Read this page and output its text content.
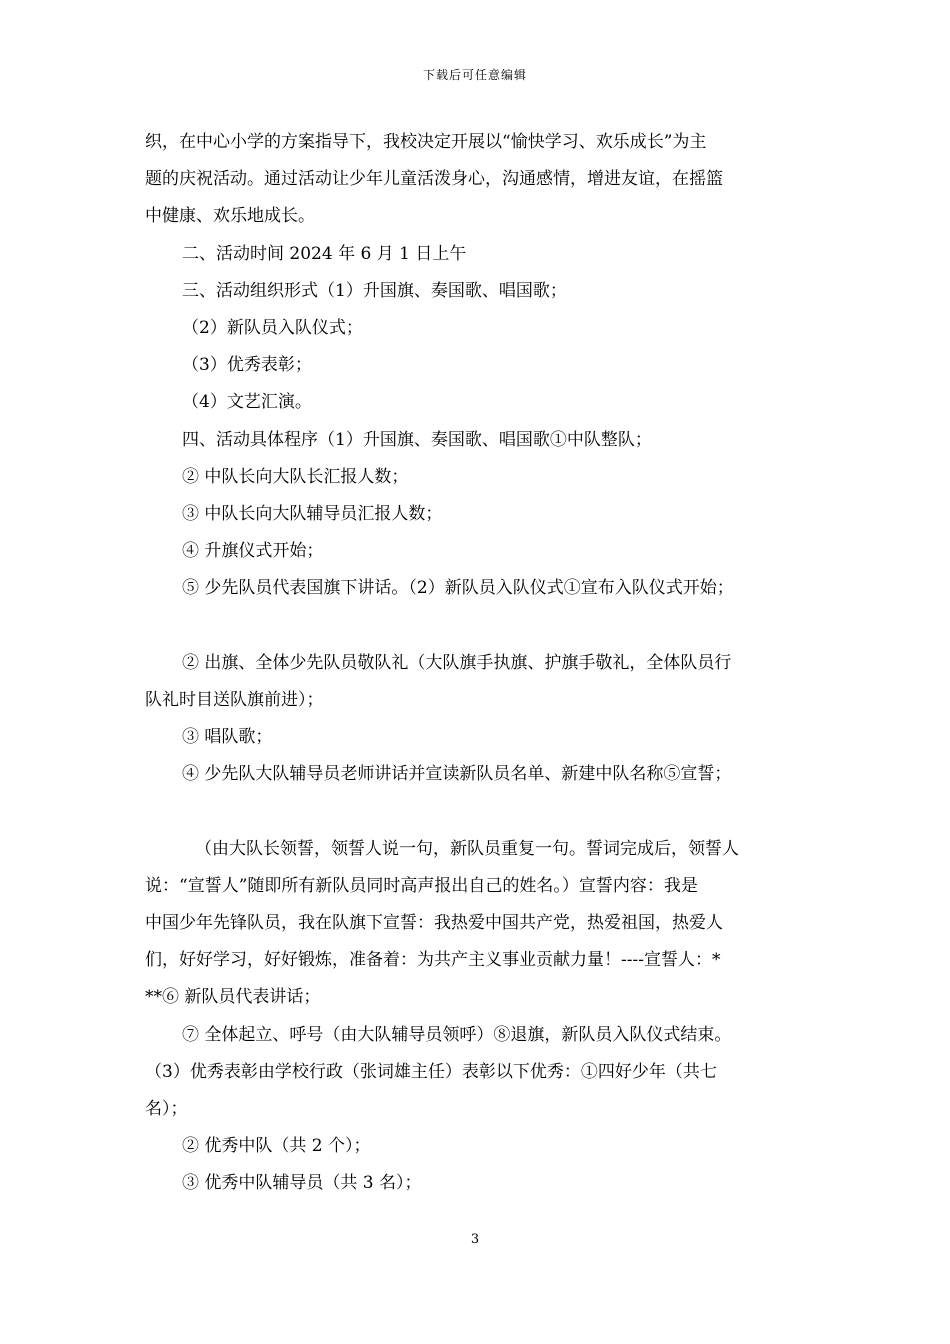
下载后可任意编辑
织，在中心小学的方案指导下，我校决定开展以“愉快学习、欢乐成长”为主
题的庆祝活动。通过活动让少年儿童活泼身心，沟通感情，增进友谊，在摇篮
中健康、欢乐地成长。
二、活动时间 2024 年 6 月 1 日上午
三、活动组织形式（1）升国旗、奏国歌、唱国歌；
（2）新队员入队仪式；
（3）优秀表彰；
（4）文艺汇演。
四、活动具体程序（1）升国旗、奏国歌、唱国歌①中队整队；
② 中队长向大队长汇报人数；
③ 中队长向大队辅导员汇报人数；
④ 升旗仪式开始；
⑤ 少先队员代表国旗下讲话。（2）新队员入队仪式①宣布入队仪式开始；
② 出旗、全体少先队员敬队礼（大队旗手执旗、护旗手敬礼，全体队员行
队礼时目送队旗前进）；
③ 唱队歌；
④ 少先队大队辅导员老师讲话并宣读新队员名单、新建中队名称⑤宣誓；
（由大队长领誓，领誓人说一句，新队员重复一句。誓词完成后，领誓人
说：“宣誓人”随即所有新队员同时高声报出自己的姓名。）宣誓内容：我是
中国少年先锋队员，我在队旗下宣誓：我热爱中国共产党，热爱祖国，热爱人
们，好好学习，好好锻炼，准备着：为共产主义事业贡献力量！----宣誓人：*
**⑥ 新队员代表讲话；
⑦ 全体起立、呼号（由大队辅导员领呼）⑧退旗，新队员入队仪式结束。
（3）优秀表彰由学校行政（张词雄主任）表彰以下优秀：①四好少年（共七
名）；
② 优秀中队（共 2 个）；
③ 优秀中队辅导员（共 3 名）；
3
